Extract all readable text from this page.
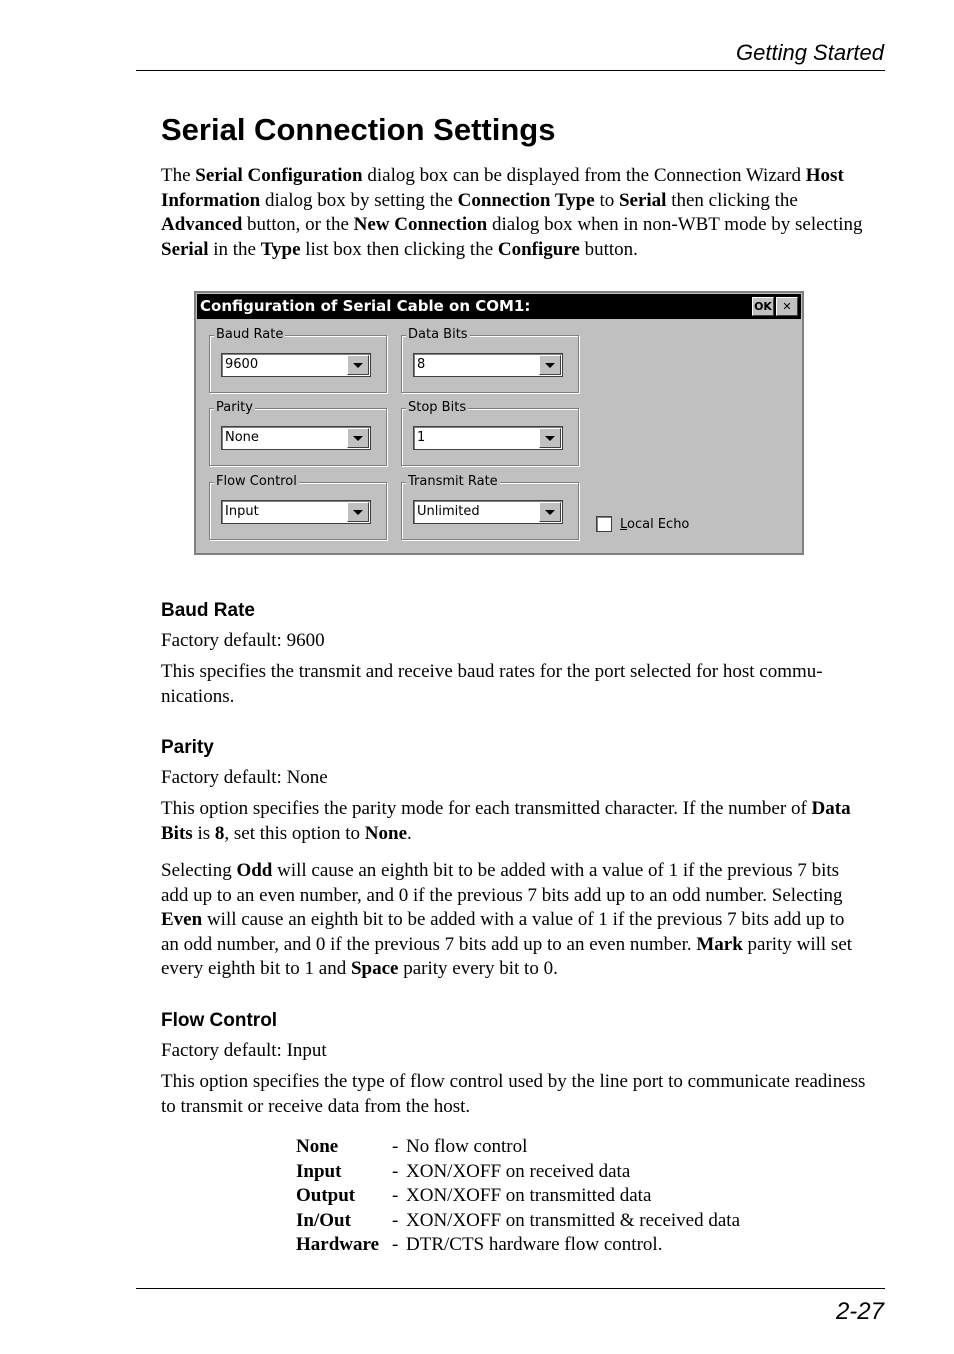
Getting Started
Serial Connection Settings

The Serial Configuration dialog box can be displayed from the Connection Wizard Host Information dialog box by setting the Connection Type to Serial then clicking the Advanced button, or the New Connection dialog box when in non-WBT mode by selecting Serial in the Type list box then clicking the Configure button.

Configuration of Serial Cable on COM1:	OK ✕
Baud Rate
9600
Data Bits
8
Parity
None
Stop Bits
1
Flow Control
Input
Transmit Rate
Unlimited
Local Echo
Baud Rate

Factory default: 9600

This specifies the transmit and receive baud rates for the port selected for host commu-nications.

Parity

Factory default: None

This option specifies the parity mode for each transmitted character. If the number of Data Bits is 8, set this option to None.

Selecting Odd will cause an eighth bit to be added with a value of 1 if the previous 7 bits add up to an even number, and 0 if the previous 7 bits add up to an odd number. Selecting Even will cause an eighth bit to be added with a value of 1 if the previous 7 bits add up to an odd number, and 0 if the previous 7 bits add up to an even number. Mark parity will set every eighth bit to 1 and Space parity every bit to 0.

Flow Control

Factory default: Input

This option specifies the type of flow control used by the line port to communicate readiness to transmit or receive data from the host.

None	- No flow control
Input	- XON/XOFF on received data
Output	- XON/XOFF on transmitted data
In/Out	- XON/XOFF on transmitted & received data
Hardware - DTR/CTS hardware flow control.
2-27
